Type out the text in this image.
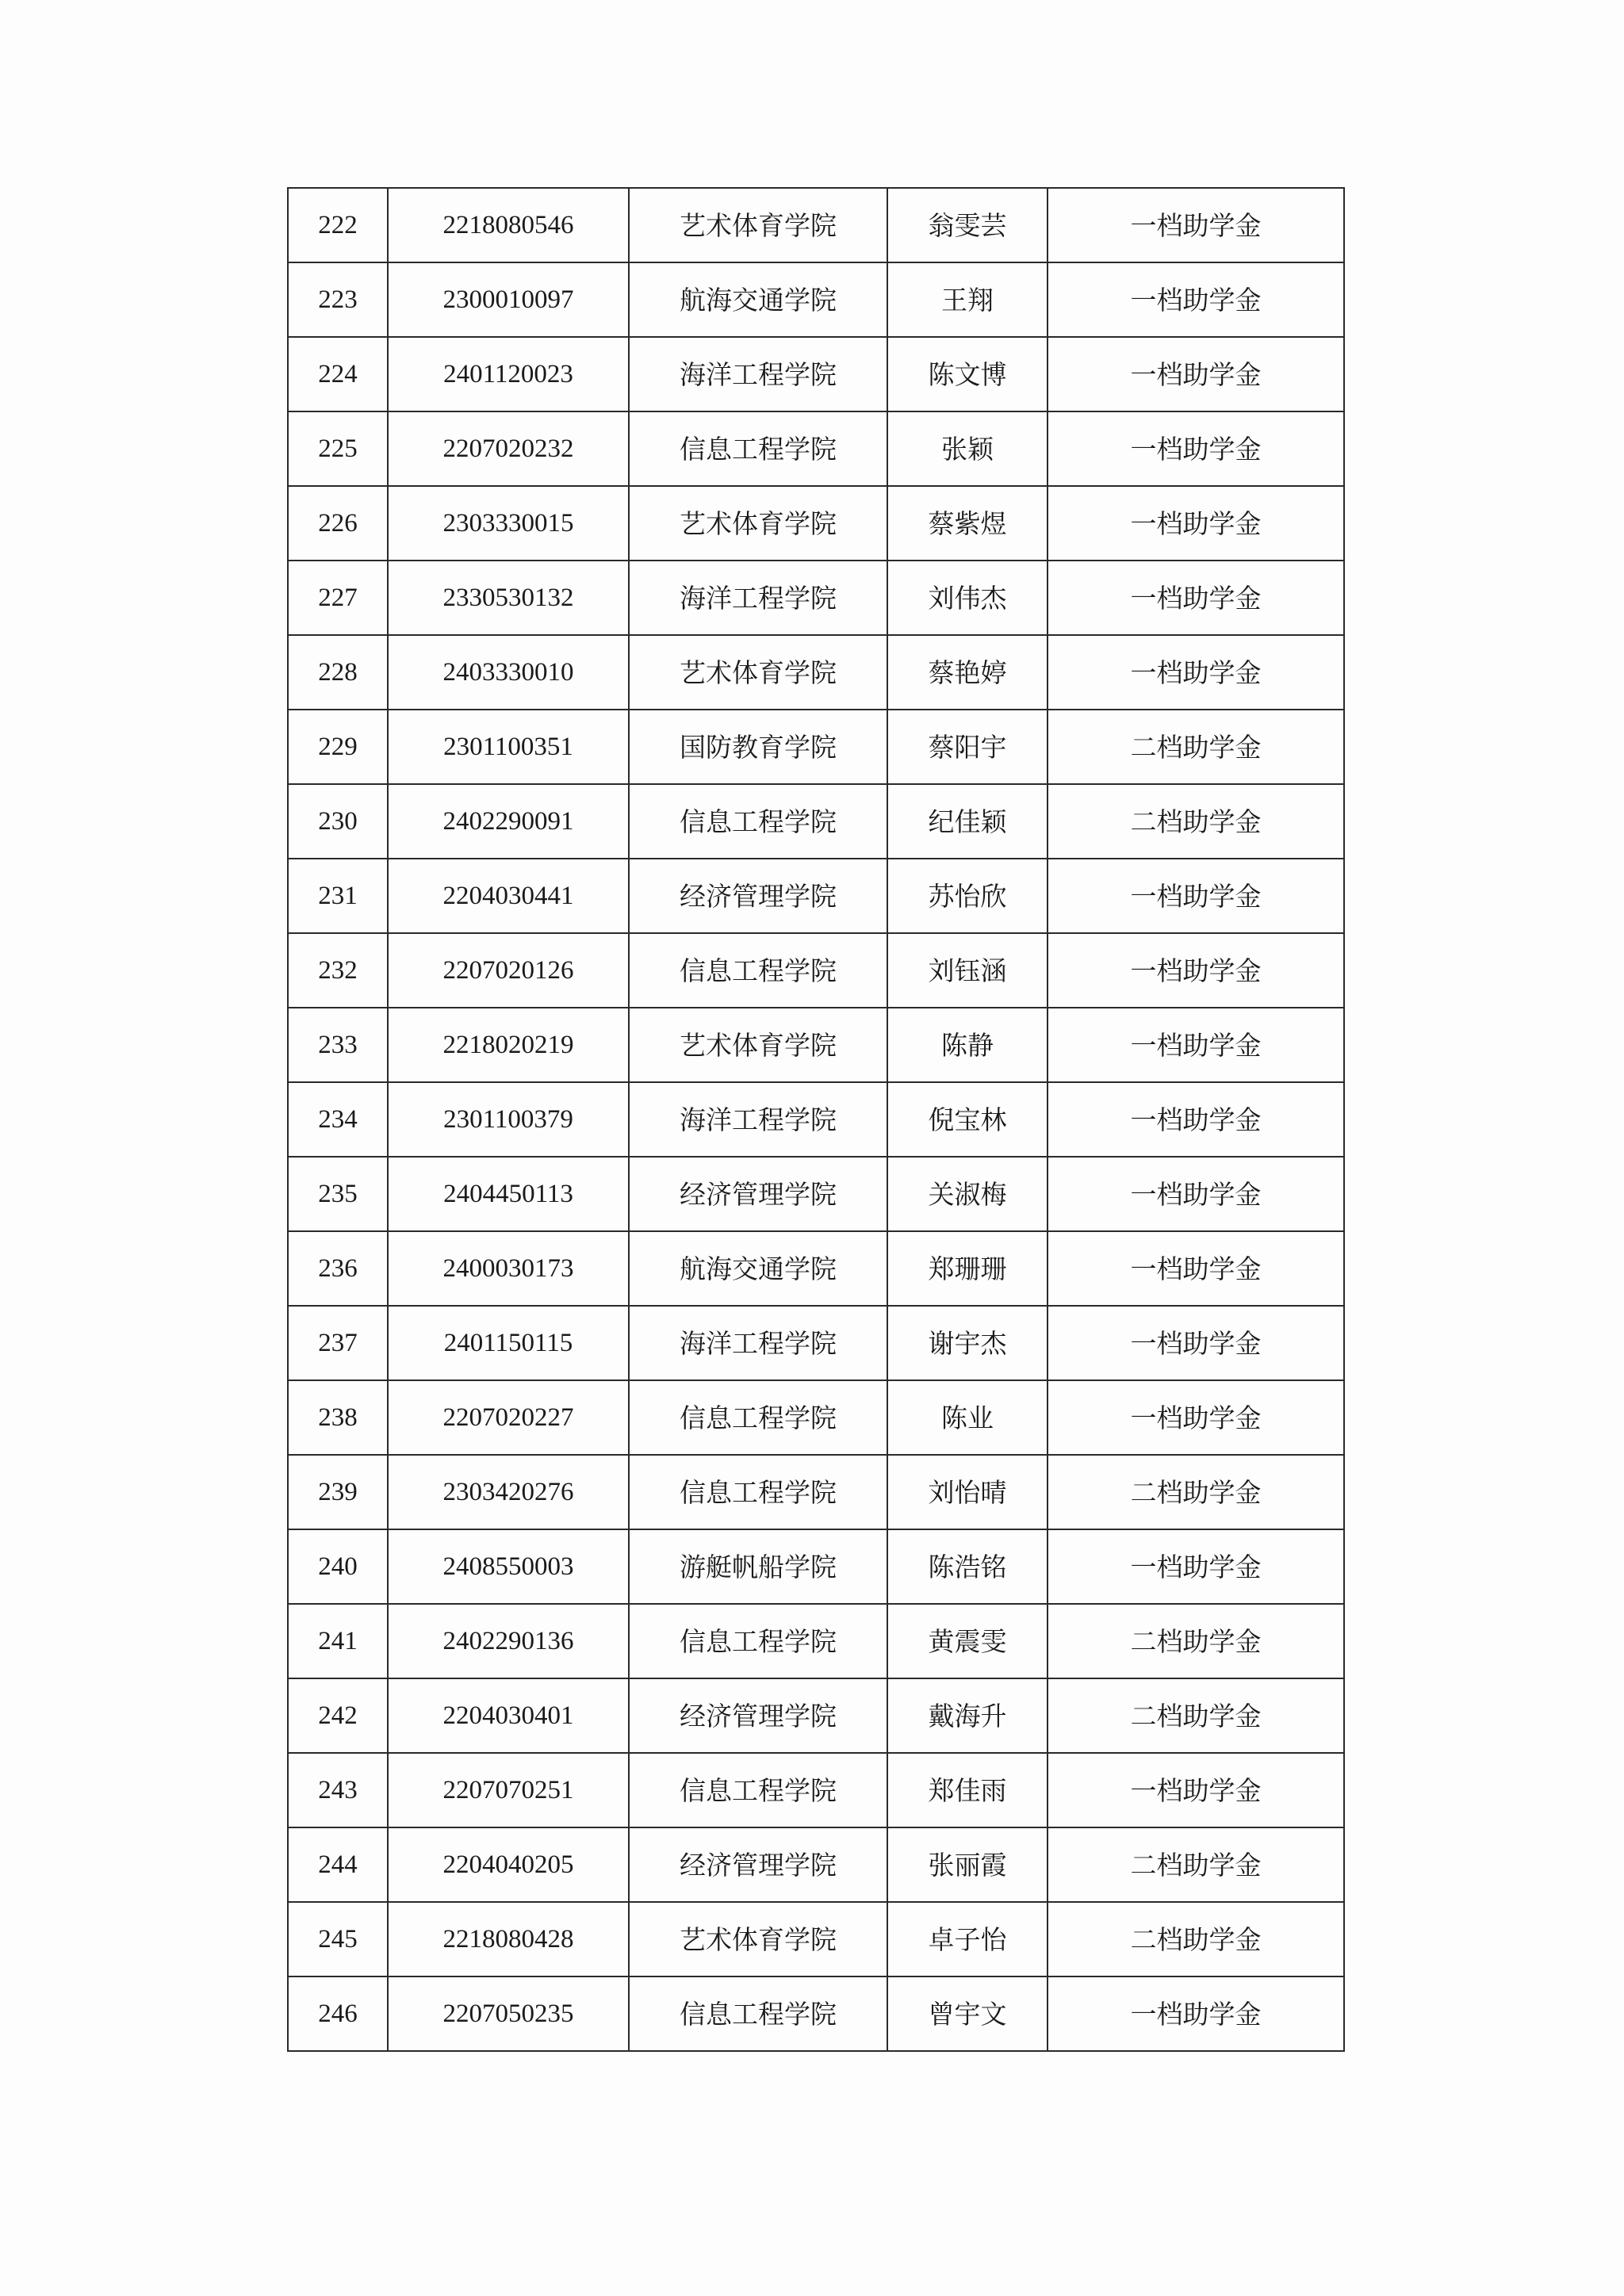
222	2218080546	艺术体育学院	翁雯芸	一档助学金
223	2300010097	航海交通学院	王翔	一档助学金
224	2401120023	海洋工程学院	陈文博	一档助学金
225	2207020232	信息工程学院	张颖	一档助学金
226	2303330015	艺术体育学院	蔡紫煜	一档助学金
227	2330530132	海洋工程学院	刘伟杰	一档助学金
228	2403330010	艺术体育学院	蔡艳婷	一档助学金
229	2301100351	国防教育学院	蔡阳宇	二档助学金
230	2402290091	信息工程学院	纪佳颖	二档助学金
231	2204030441	经济管理学院	苏怡欣	一档助学金
232	2207020126	信息工程学院	刘钰涵	一档助学金
233	2218020219	艺术体育学院	陈静	一档助学金
234	2301100379	海洋工程学院	倪宝林	一档助学金
235	2404450113	经济管理学院	关淑梅	一档助学金
236	2400030173	航海交通学院	郑珊珊	一档助学金
237	2401150115	海洋工程学院	谢宇杰	一档助学金
238	2207020227	信息工程学院	陈业	一档助学金
239	2303420276	信息工程学院	刘怡晴	二档助学金
240	2408550003	游艇帆船学院	陈浩铭	一档助学金
241	2402290136	信息工程学院	黄震雯	二档助学金
242	2204030401	经济管理学院	戴海升	二档助学金
243	2207070251	信息工程学院	郑佳雨	一档助学金
244	2204040205	经济管理学院	张丽霞	二档助学金
245	2218080428	艺术体育学院	卓子怡	二档助学金
246	2207050235	信息工程学院	曾宇文	一档助学金
